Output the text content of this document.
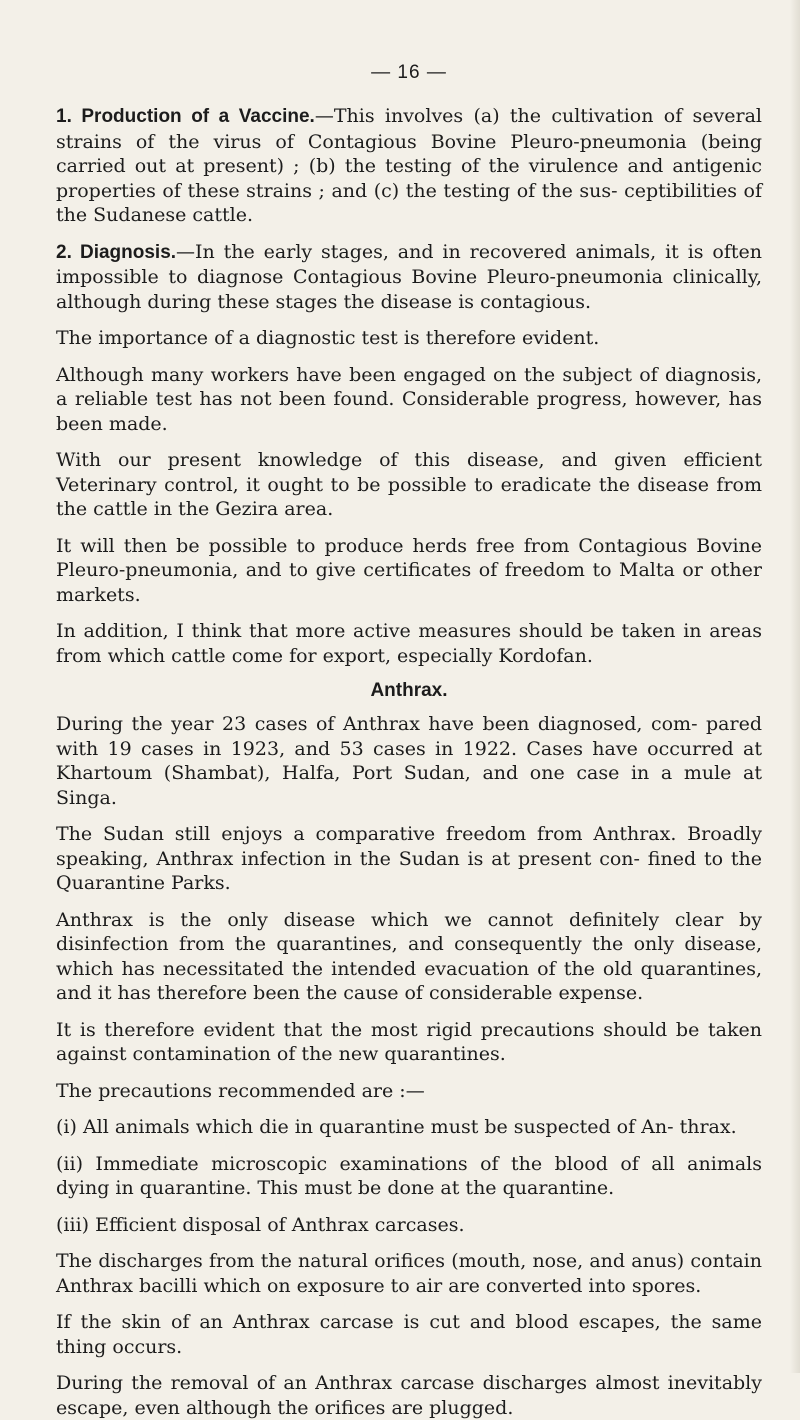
— 16 —

1. Production of a Vaccine.—This involves (a) the cultivation of several strains of the virus of Contagious Bovine Pleuro-pneumonia (being carried out at present) ; (b) the testing of the virulence and antigenic properties of these strains ; and (c) the testing of the sus- ceptibilities of the Sudanese cattle.

2. Diagnosis.—In the early stages, and in recovered animals, it is often impossible to diagnose Contagious Bovine Pleuro-pneumonia clinically, although during these stages the disease is contagious.

The importance of a diagnostic test is therefore evident.

Although many workers have been engaged on the subject of diagnosis, a reliable test has not been found. Considerable progress, however, has been made.

With our present knowledge of this disease, and given efficient Veterinary control, it ought to be possible to eradicate the disease from the cattle in the Gezira area.

It will then be possible to produce herds free from Contagious Bovine Pleuro-pneumonia, and to give certificates of freedom to Malta or other markets.

In addition, I think that more active measures should be taken in areas from which cattle come for export, especially Kordofan.

Anthrax.

During the year 23 cases of Anthrax have been diagnosed, com- pared with 19 cases in 1923, and 53 cases in 1922. Cases have occurred at Khartoum (Shambat), Halfa, Port Sudan, and one case in a mule at Singa.

The Sudan still enjoys a comparative freedom from Anthrax. Broadly speaking, Anthrax infection in the Sudan is at present con- fined to the Quarantine Parks.

Anthrax is the only disease which we cannot definitely clear by disinfection from the quarantines, and consequently the only disease, which has necessitated the intended evacuation of the old quarantines, and it has therefore been the cause of considerable expense.

It is therefore evident that the most rigid precautions should be taken against contamination of the new quarantines.

The precautions recommended are :—

(i) All animals which die in quarantine must be suspected of An- thrax.

(ii) Immediate microscopic examinations of the blood of all animals dying in quarantine. This must be done at the quarantine.

(iii) Efficient disposal of Anthrax carcases.

The discharges from the natural orifices (mouth, nose, and anus) contain Anthrax bacilli which on exposure to air are converted into spores.

If the skin of an Anthrax carcase is cut and blood escapes, the same thing occurs.

During the removal of an Anthrax carcase discharges almost inevitably escape, even although the orifices are plugged.
